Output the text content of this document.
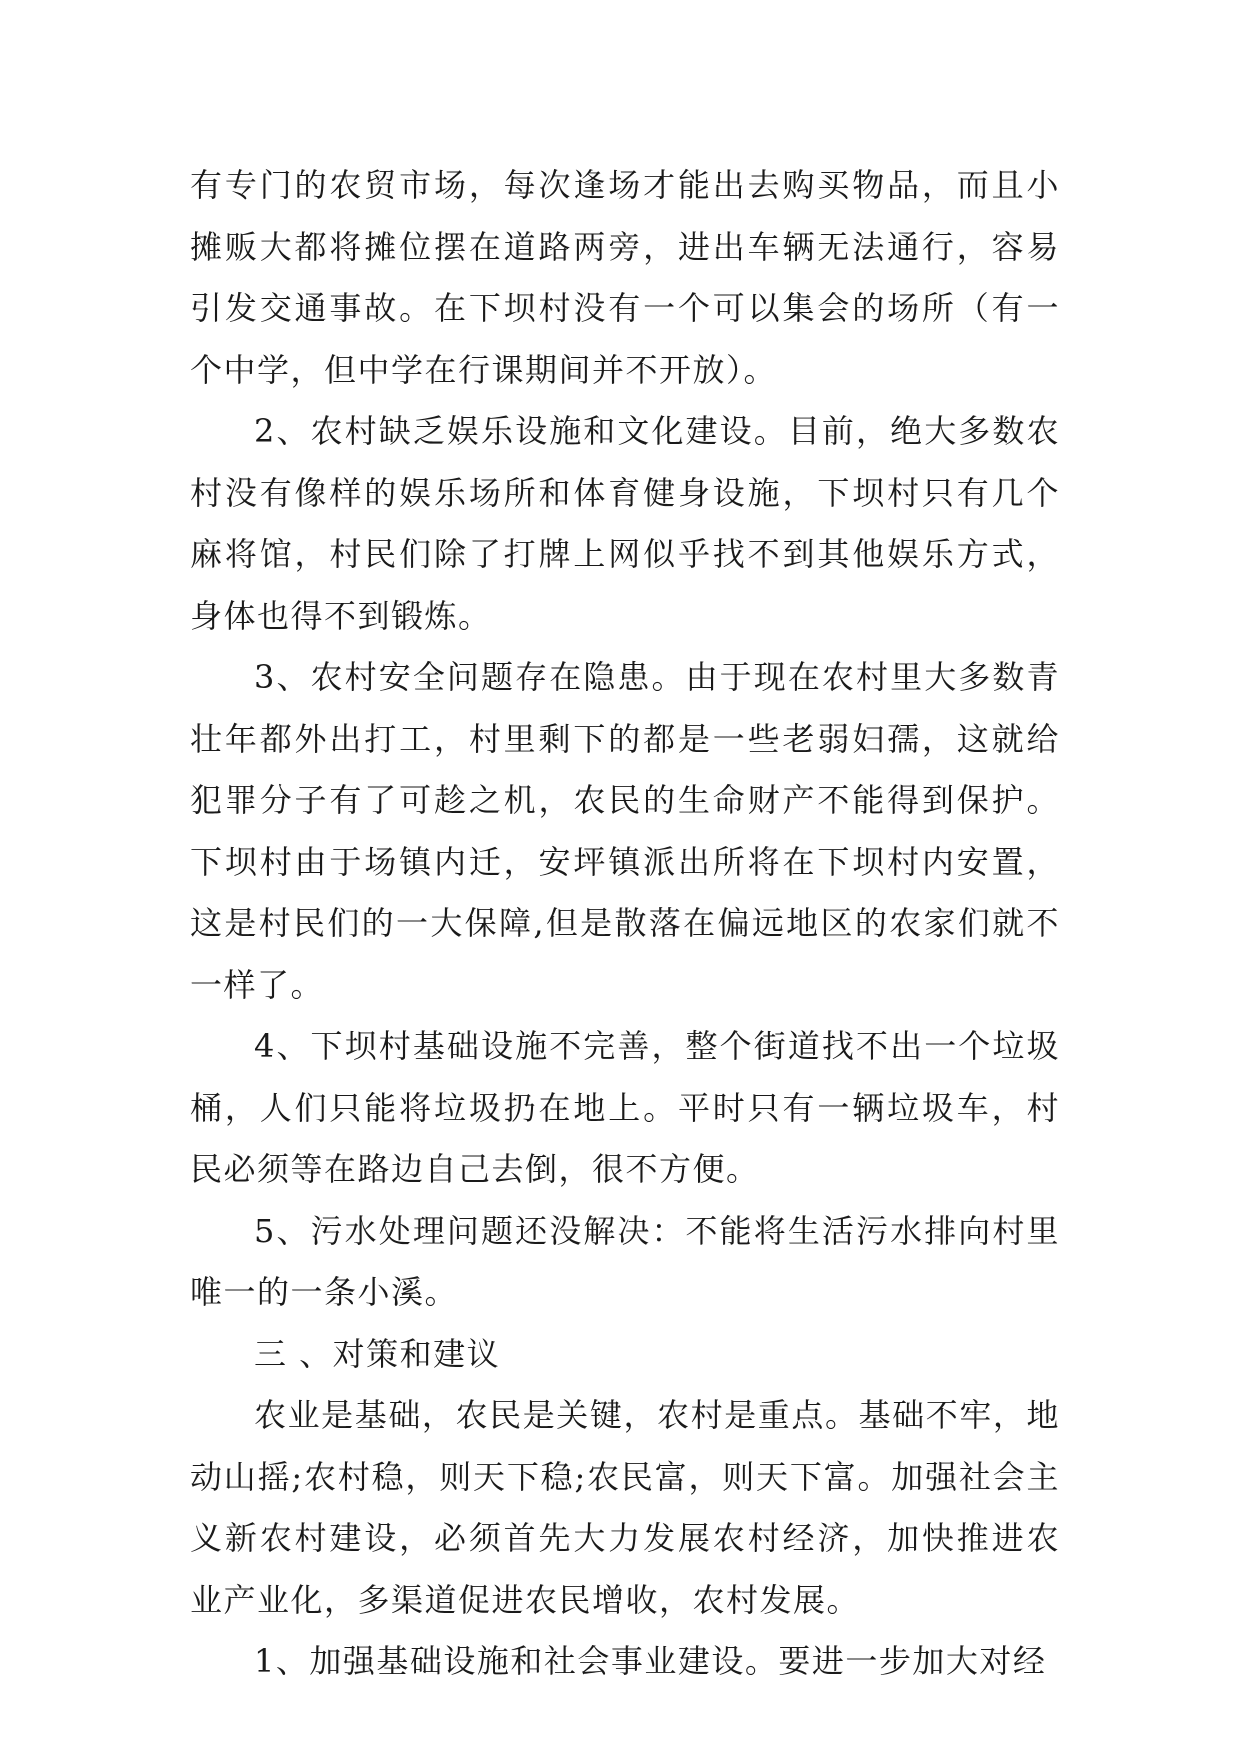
有专门的农贸市场，每次逢场才能出去购买物品，而且小摊贩大都将摊位摆在道路两旁，进出车辆无法通行，容易引发交通事故。在下坝村没有一个可以集会的场所（有一个中学，但中学在行课期间并不开放）。

2、农村缺乏娱乐设施和文化建设。目前，绝大多数农村没有像样的娱乐场所和体育健身设施，下坝村只有几个麻将馆，村民们除了打牌上网似乎找不到其他娱乐方式，身体也得不到锻炼。

3、农村安全问题存在隐患。由于现在农村里大多数青壮年都外出打工，村里剩下的都是一些老弱妇孺，这就给犯罪分子有了可趁之机，农民的生命财产不能得到保护。下坝村由于场镇内迁，安坪镇派出所将在下坝村内安置，这是村民们的一大保障,但是散落在偏远地区的农家们就不一样了。

4、下坝村基础设施不完善，整个街道找不出一个垃圾桶，人们只能将垃圾扔在地上。平时只有一辆垃圾车，村民必须等在路边自己去倒，很不方便。

5、污水处理问题还没解决：不能将生活污水排向村里唯一的一条小溪。

三 、对策和建议

农业是基础，农民是关键，农村是重点。基础不牢，地动山摇;农村稳，则天下稳;农民富，则天下富。加强社会主义新农村建设，必须首先大力发展农村经济，加快推进农业产业化，多渠道促进农民增收，农村发展。

1、加强基础设施和社会事业建设。要进一步加大对经
